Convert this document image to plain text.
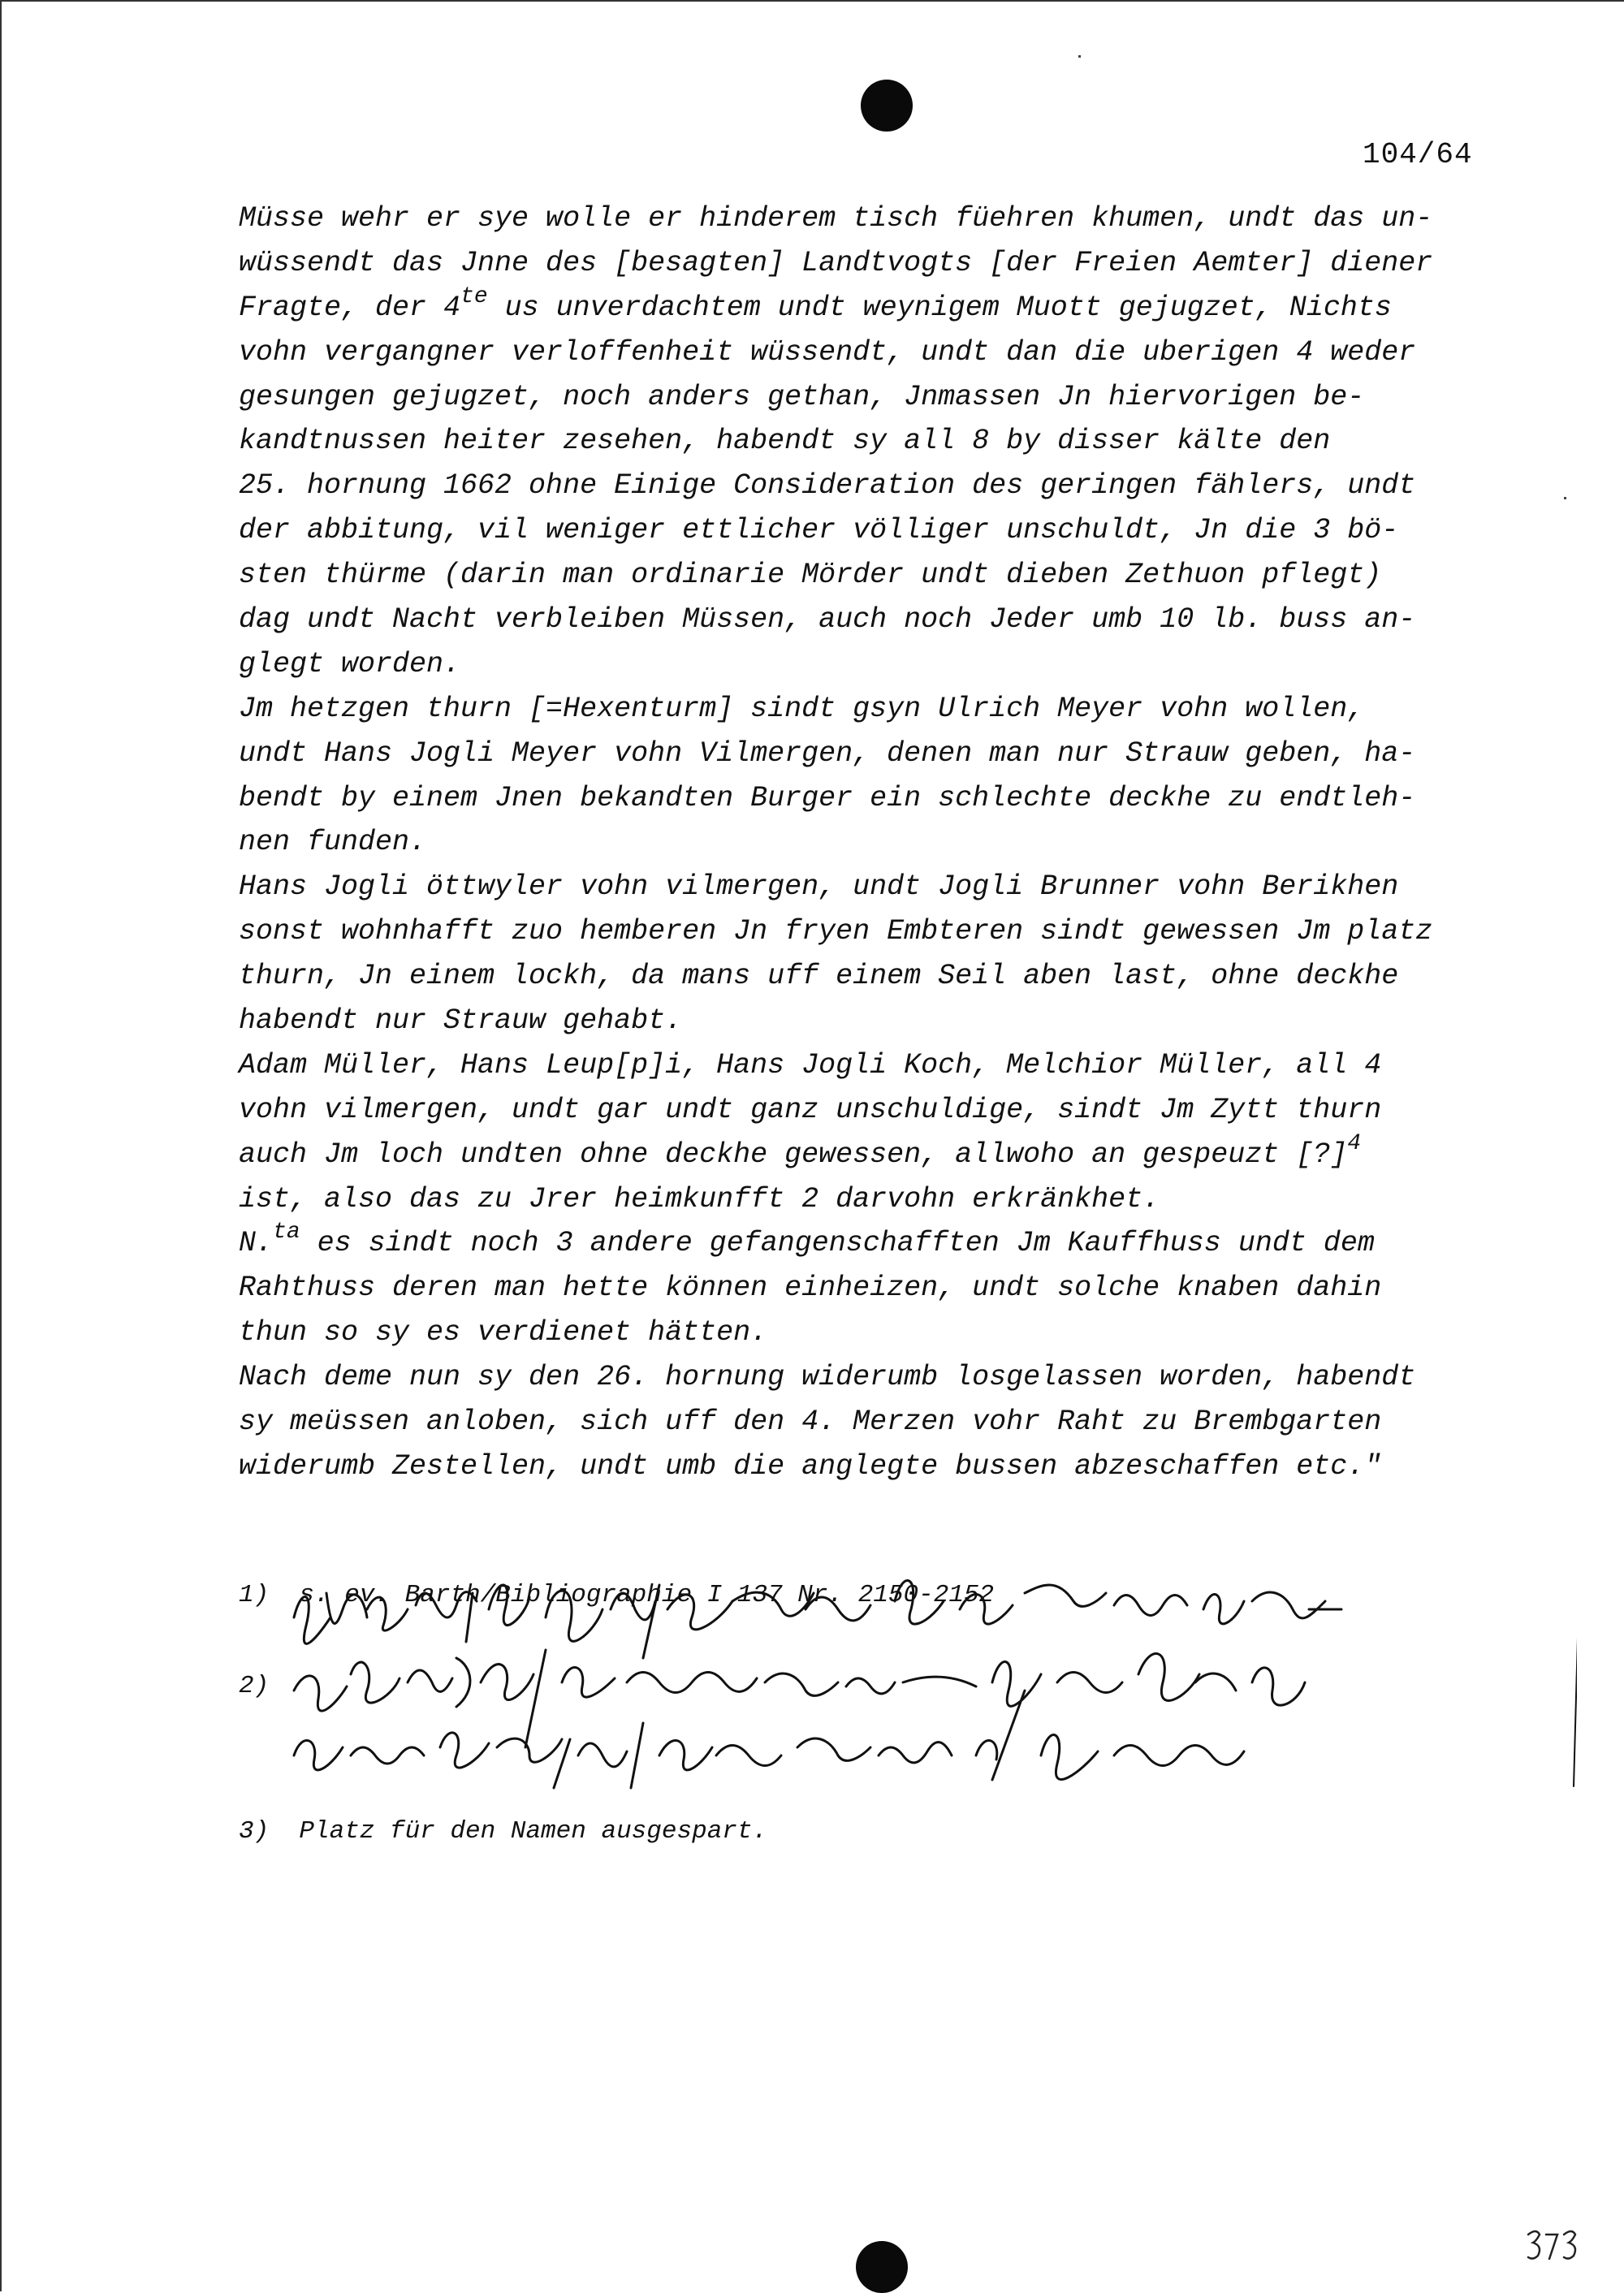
104/64
Müsse wehr er sye wolle er hinderem tisch füehren khumen, undt das un-
wüssendt das Jnne des [besagten] Landtvogts [der Freien Aemter] diener
Fragte, der $4^{te}$ us unverdachtem undt weynigem Muott gejugzet, Nichts
vohn vergangner verloffenheit wüssendt, undt dan die uberigen 4 weder
gesungen gejugzet, noch anders gethan, Jnmassen Jn hiervorigen be-
kandtnussen heiter zesehen, habendt sy all 8 by disser kälte den
25. hornung 1662 ohne Einige Consideration des geringen fählers, undt
der abbitung, vil weniger ettlicher völliger unschuldt, Jn die 3 bö-
sten thürme (darin man ordinarie Mörder undt dieben Zethuon pflegt)
dag undt Nacht verbleiben Müssen, auch noch Jeder umb 10 lb. buss an-
glegt worden.
Jm hetzgen thurn [=Hexenturm] sindt gsyn Ulrich Meyer vohn wollen,
undt Hans Jogli Meyer vohn Vilmergen, denen man nur Strauw geben, ha-
bendt by einem Jnen bekandten Burger ein schlechte deckhe zu endtleh-
nen funden.
Hans Jogli öttwyler vohn vilmergen, undt Jogli Brunner vohn Berikhen
sonst wohnhafft zuo hemberen Jn fryen Embteren sindt gewessen Jm platz
thurn, Jn einem lockh, da mans uff einem Seil aben last, ohne deckhe
habendt nur Strauw gehabt.
Adam Müller, Hans Leup[p]i, Hans Jogli Koch, Melchior Müller, all 4
vohn vilmergen, undt gar undt ganz unschuldige, sindt Jm Zytt thurn
auch Jm loch undten ohne deckhe gewessen, allwoho an gespeuzt [?]$^4$
ist, also das zu Jrer heimkunfft 2 darvohn erkränkhet.
N.$^{ta}$ es sindt noch 3 andere gefangenschafften Jm Kauffhuss undt dem
Rahthuss deren man hette können einheizen, undt solche knaben dahin
thun so sy es verdienet hätten.
Nach deme nun sy den 26. hornung widerumb losgelassen worden, habendt
sy meüssen anloben, sich uff den 4. Merzen vohr Raht zu Brembgarten
widerumb Zestellen, undt umb die anglegte bussen abzeschaffen etc."

1)  s. ev. Barth/Bibliographie I 137 Nr. 2150-2152

2)

3)  Platz für den Namen ausgespart.
